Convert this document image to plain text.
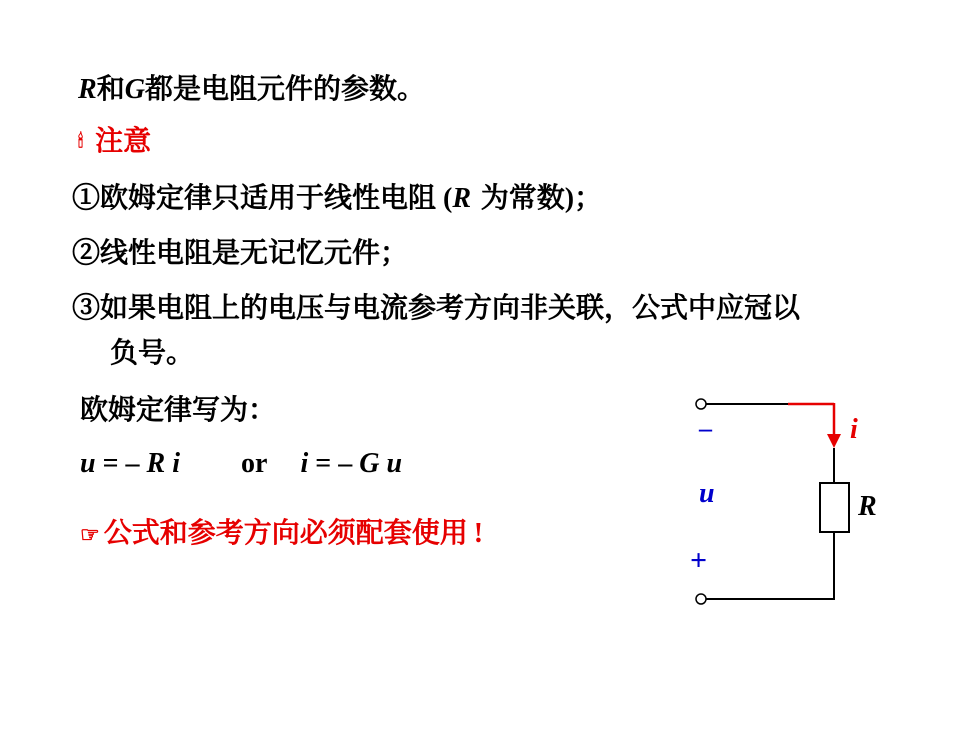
R和G都是电阻元件的参数。
🕯 注意
①欧姆定律只适用于线性电阻 (R 为常数)；
②线性电阻是无记忆元件；
③如果电阻上的电压与电流参考方向非关联，公式中应冠以
负号。
欧姆定律写为：
u = – R i or i = – G u
☞ 公式和参考方向必须配套使用 !
i
–
u	R
+
